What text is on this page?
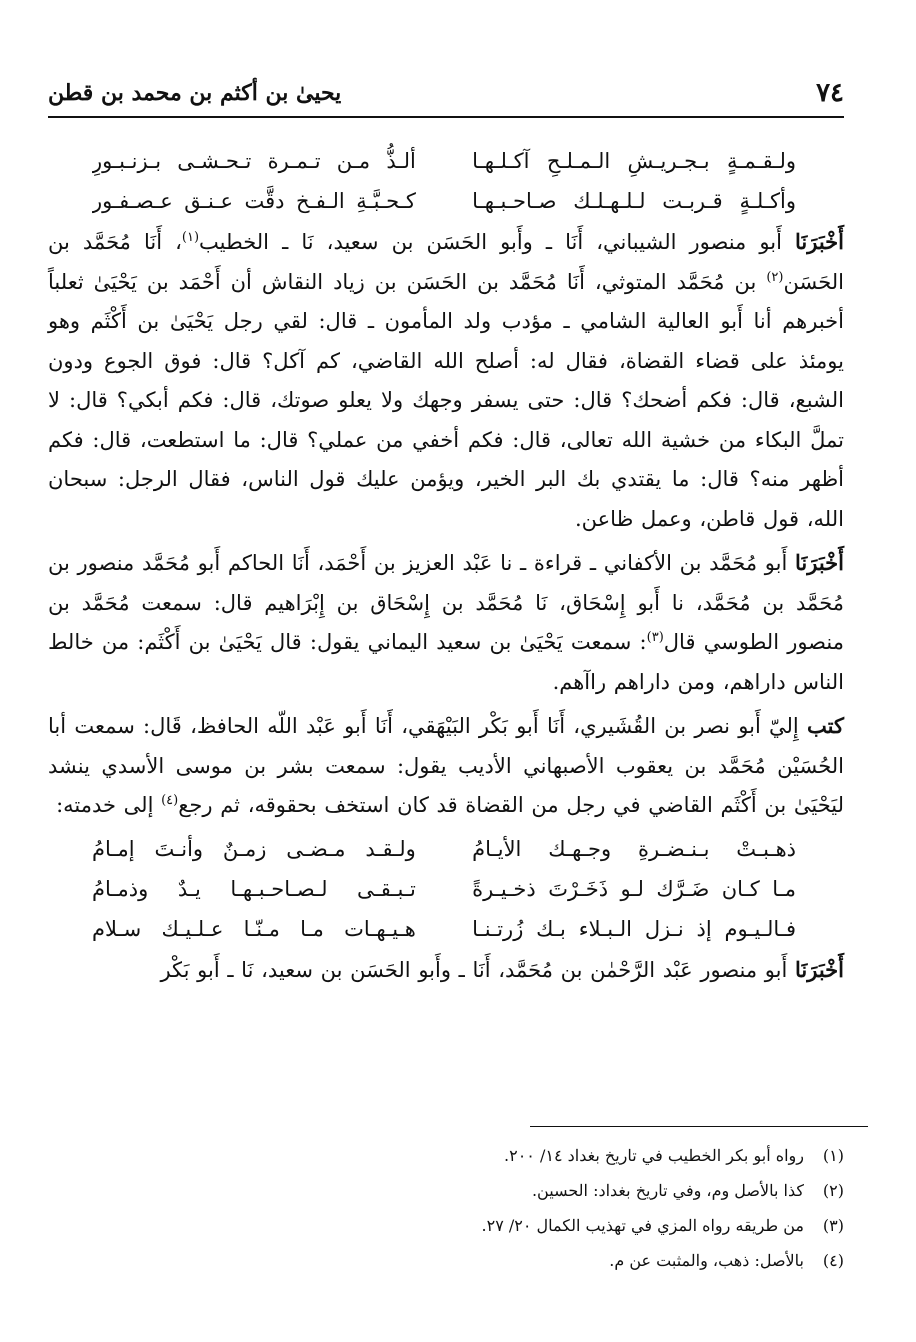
٧٤
يحيىٰ بن أكثم بن محمد بن قطن
ولـقـمـةٍ بـجـريـشِ الـمـلـحِ آكـلـهـا
ألـذُّ مـن تـمـرة تـحـشـى بـزنـبـورِ
وأكـلـةٍ قـربـت لـلـهـلـك صـاحـبـهـا
كـحـبَّـةِ الـفـخ دقَّت عـنـق عـصـفـور

أَخْبَرَنَا أَبو منصور الشيباني، أَنَا ـ وأَبو الحَسَن بن سعيد، نَا ـ الخطيب$^{(١)}$، أَنَا مُحَمَّد بن الحَسَن$^{(٢)}$ بن مُحَمَّد المتوثي، أَنَا مُحَمَّد بن الحَسَن بن زياد النقاش أن أَحْمَد بن يَحْيَىٰ ثعلباً أخبرهم أنا أَبو العالية الشامي ـ مؤدب ولد المأمون ـ قال: لقي رجل يَحْيَىٰ بن أَكْثَم وهو يومئذ على قضاء القضاة، فقال له: أصلح الله القاضي، كم آكل؟ قال: فوق الجوع ودون الشبع، قال: فكم أضحك؟ قال: حتى يسفر وجهك ولا يعلو صوتك، قال: فكم أبكي؟ قال: لا تملَّ البكاء من خشية الله تعالى، قال: فكم أخفي من عملي؟ قال: ما استطعت، قال: فكم أظهر منه؟ قال: ما يقتدي بك البر الخير، ويؤمن عليك قول الناس، فقال الرجل: سبحان الله، قول قاطن، وعمل ظاعن.

أَخْبَرَنَا أَبو مُحَمَّد بن الأكفاني ـ قراءة ـ نا عَبْد العزيز بن أَحْمَد، أَنَا الحاكم أَبو مُحَمَّد منصور بن مُحَمَّد بن مُحَمَّد، نا أَبو إِسْحَاق، نَا مُحَمَّد بن إِسْحَاق بن إِبْرَاهيم قال: سمعت مُحَمَّد بن منصور الطوسي قال$^{(٣)}$: سمعت يَحْيَىٰ بن سعيد اليماني يقول: قال يَحْيَىٰ بن أَكْثَم: من خالط الناس داراهم، ومن داراهم راآهم.

كتب إِليّ أَبو نصر بن القُشَيري، أَنَا أَبو بَكْر البَيْهَقي، أَنَا أَبو عَبْد اللّه الحافظ، قَال: سمعت أبا الحُسَيْن مُحَمَّد بن يعقوب الأصبهاني الأديب يقول: سمعت بشر بن موسى الأسدي ينشد ليَحْيَىٰ بن أَكْثَم القاضي في رجل من القضاة قد كان استخف بحقوقه، ثم رجع$^{(٤)}$ إلى خدمته:

ذهـبـتْ بـنـضـرةِ وجـهـك الأيـامُ
ولـقـد مـضـى زمـنٌ وأنـتَ إمـامُ
مـا كـان ضَـرَّك لـو ذَخَـرْتَ ذخـيـرةً
تـبـقـى لـصـاحـبـهـا يـدٌ وذمـامُ
فـالـيـوم إذ نـزل الـبـلاء بـك زُرتـنـا
هـيـهـات مـا مـنّـا عـلـيـك سـلام

أَخْبَرَنَا أَبو منصور عَبْد الرَّحْمٰن بن مُحَمَّد، أَنَا ـ وأَبو الحَسَن بن سعيد، نَا ـ أَبو بَكْر

(١)
رواه أبو بكر الخطيب في تاريخ بغداد ١٤/ ٢٠٠.
(٢)
كذا بالأصل وم، وفي تاريخ بغداد: الحسين.
(٣)
من طريقه رواه المزي في تهذيب الكمال ٢٠/ ٢٧.
(٤)
بالأصل: ذهب، والمثبت عن م.
